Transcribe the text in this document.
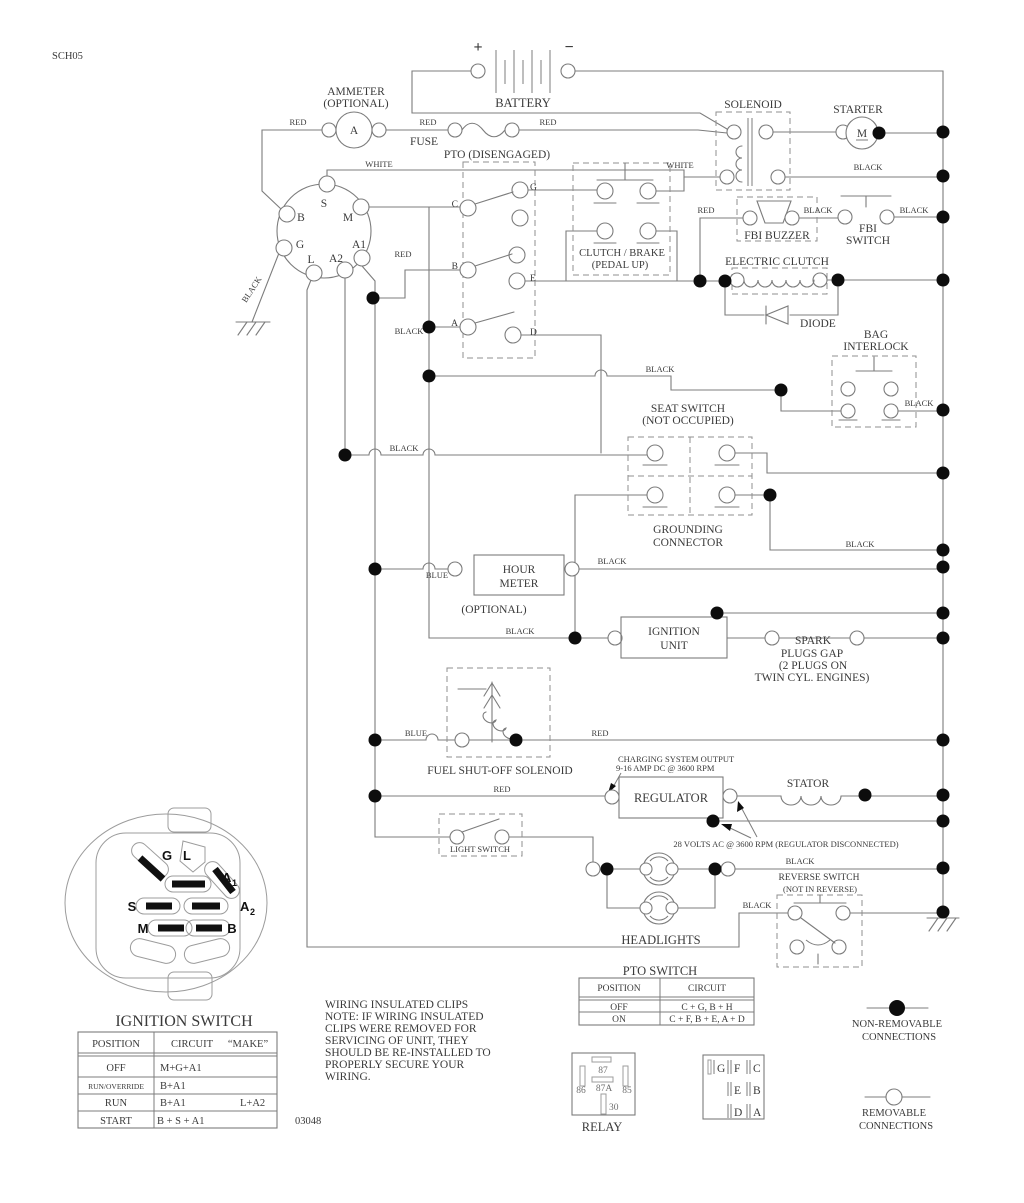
SCH05
+	−
BATTERY
A
AMMETER
(OPTIONAL)
FUSE
PTO (DISENGAGED)
S
B	M
G
L A2
A1
C
G
B
E
A
D
CLUTCH / BRAKE
(PEDAL UP)
SOLENOID
M
STARTER
FBI BUZZER
FBI
SWITCH
ELECTRIC CLUTCH
DIODE
BAG
INTERLOCK
SEAT SWITCH
(NOT OCCUPIED)
GROUNDING
CONNECTOR
HOUR
METER
(OPTIONAL)
IGNITION
UNIT	SPARK
PLUGS GAP
(2 PLUGS ON
TWIN CYL. ENGINES)
FUEL SHUT-OFF SOLENOID
CHARGING SYSTEM OUTPUT
9-16 AMP DC @ 3600 RPM
REGULATOR
28 VOLTS AC @ 3600 RPM (REGULATOR DISCONNECTED)
STATOR
LIGHT SWITCH
HEADLIGHTS
REVERSE SWITCH
(NOT IN REVERSE)
RED	RED	RED
WHITE	WHITE	BLACK
RED	BLACK	BLACK
RED
BLACK
BLACK
BLACK
BLACK
BLACK
BLACK
BLUE
BLACK
BLACK
BLUE	RED
RED
BLACK
BLACK
G L
A 1
A 2
S
M	B
IGNITION SWITCH
POSITION	CIRCUIT “MAKE”
OFF	M+G+A1
RUN/OVERRIDE B+A1
RUN	B+A1	L+A2
START B + S + A1	03048
WIRING INSULATED CLIPS
NOTE: IF WIRING INSULATED
CLIPS WERE REMOVED FOR
SERVICING OF UNIT, THEY
SHOULD BE RE-INSTALLED TO
PROPERLY SECURE YOUR
WIRING.
PTO SWITCH
POSITION	CIRCUIT
OFF	C + G, B + H
ON	C + F, B + E, A + D
87
87A
86	85
30
RELAY
G F C
E B
D A
NON-REMOVABLE
CONNECTIONS
REMOVABLE
CONNECTIONS
